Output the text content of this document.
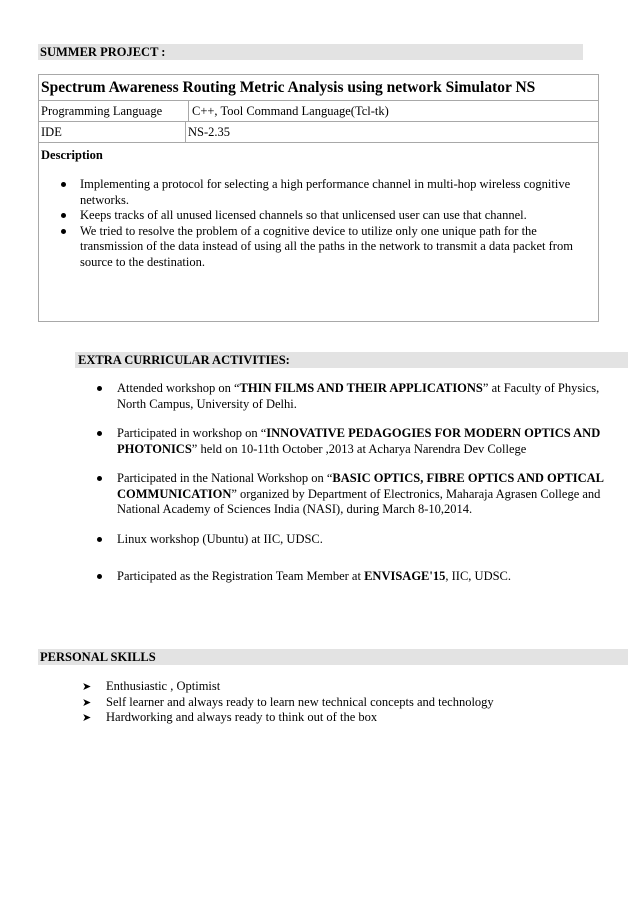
SUMMER PROJECT :
Spectrum Awareness Routing Metric Analysis using network Simulator NS
Programming Language	C++, Tool Command Language(Tcl-tk)
IDE	NS-2.35
Description
Implementing a protocol for selecting a high performance channel in multi-hop wireless cognitive networks.
Keeps tracks of all unused licensed channels so that unlicensed user can use that channel.
We tried to resolve the problem of a cognitive device to utilize only one unique path for the transmission of the data instead of using all the paths in the network to transmit a data packet from source to the destination.
EXTRA CURRICULAR ACTIVITIES:
Attended workshop on “THIN FILMS AND THEIR APPLICATIONS” at Faculty of Physics, North Campus, University of Delhi.
Participated in workshop on “INNOVATIVE PEDAGOGIES FOR MODERN OPTICS AND PHOTONICS” held on 10-11th October ,2013 at Acharya Narendra Dev College
Participated in the National Workshop on “BASIC OPTICS, FIBRE OPTICS AND OPTICAL COMMUNICATION” organized by Department of Electronics, Maharaja Agrasen College and National Academy of Sciences India (NASI), during March 8-10,2014.
Linux workshop (Ubuntu) at IIC, UDSC.
Participated as the Registration Team Member at ENVISAGE'15, IIC, UDSC.
PERSONAL SKILLS
➤ Enthusiastic , Optimist
➤ Self learner and always ready to learn new technical concepts and technology
➤ Hardworking and always ready to think out of the box
